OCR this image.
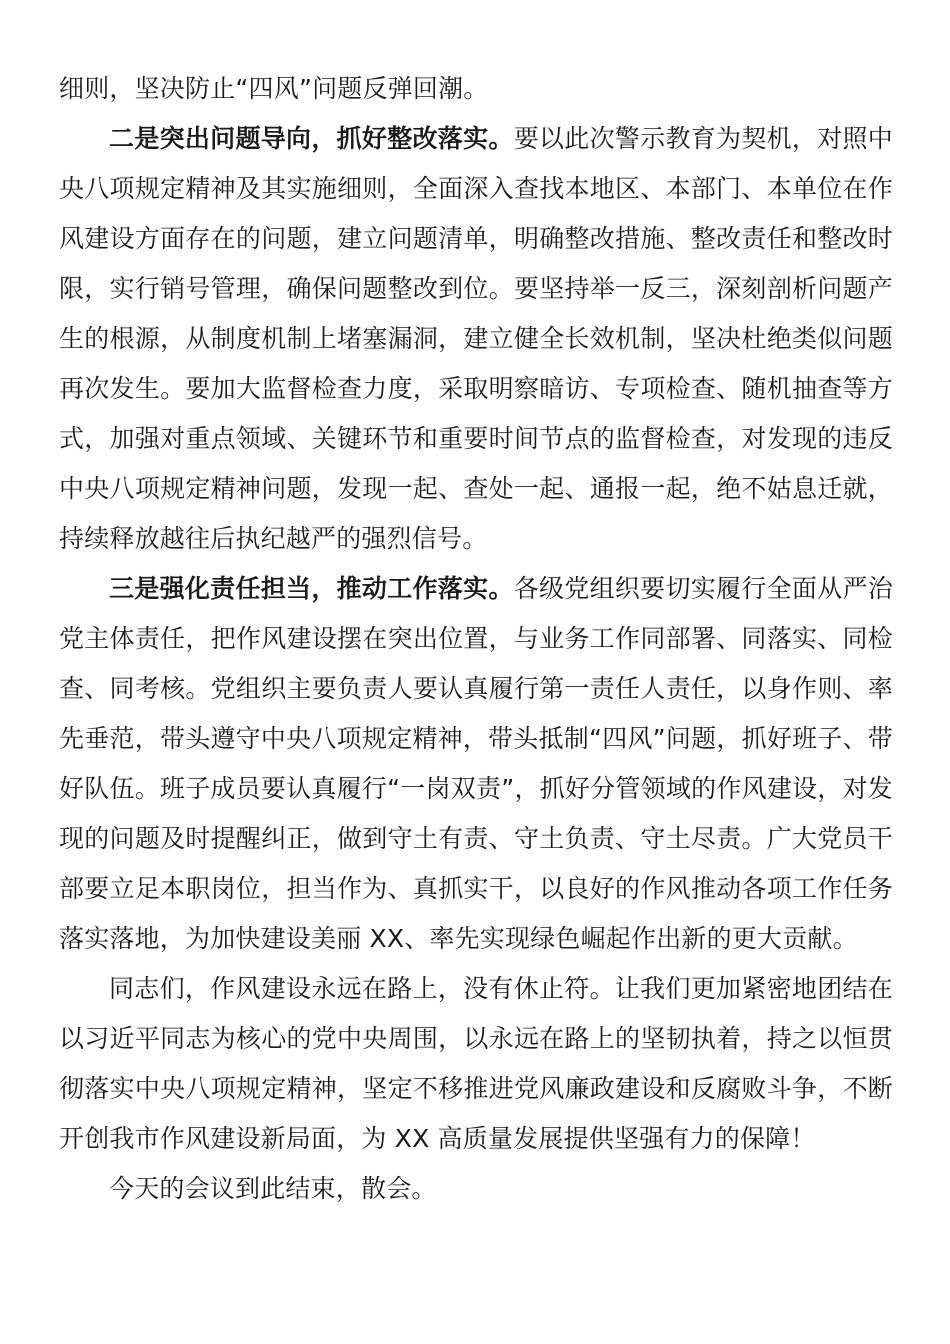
细则，坚决防止“四风”问题反弹回潮。

二是突出问题导向，抓好整改落实。要以此次警示教育为契机，对照中央八项规定精神及其实施细则，全面深入查找本地区、本部门、本单位在作风建设方面存在的问题，建立问题清单，明确整改措施、整改责任和整改时限，实行销号管理，确保问题整改到位。要坚持举一反三，深刻剖析问题产生的根源，从制度机制上堵塞漏洞，建立健全长效机制，坚决杜绝类似问题再次发生。要加大监督检查力度，采取明察暗访、专项检查、随机抽查等方式，加强对重点领域、关键环节和重要时间节点的监督检查，对发现的违反中央八项规定精神问题，发现一起、查处一起、通报一起，绝不姑息迁就，持续释放越往后执纪越严的强烈信号。

三是强化责任担当，推动工作落实。各级党组织要切实履行全面从严治党主体责任，把作风建设摆在突出位置，与业务工作同部署、同落实、同检查、同考核。党组织主要负责人要认真履行第一责任人责任，以身作则、率先垂范，带头遵守中央八项规定精神，带头抵制“四风”问题，抓好班子、带好队伍。班子成员要认真履行“一岗双责”，抓好分管领域的作风建设，对发现的问题及时提醒纠正，做到守土有责、守土负责、守土尽责。广大党员干部要立足本职岗位，担当作为、真抓实干，以良好的作风推动各项工作任务落实落地，为加快建设美丽 XX、率先实现绿色崛起作出新的更大贡献。

同志们，作风建设永远在路上，没有休止符。让我们更加紧密地团结在以习近平同志为核心的党中央周围，以永远在路上的坚韧执着，持之以恒贯彻落实中央八项规定精神，坚定不移推进党风廉政建设和反腐败斗争，不断开创我市作风建设新局面，为 XX 高质量发展提供坚强有力的保障！

今天的会议到此结束，散会。
